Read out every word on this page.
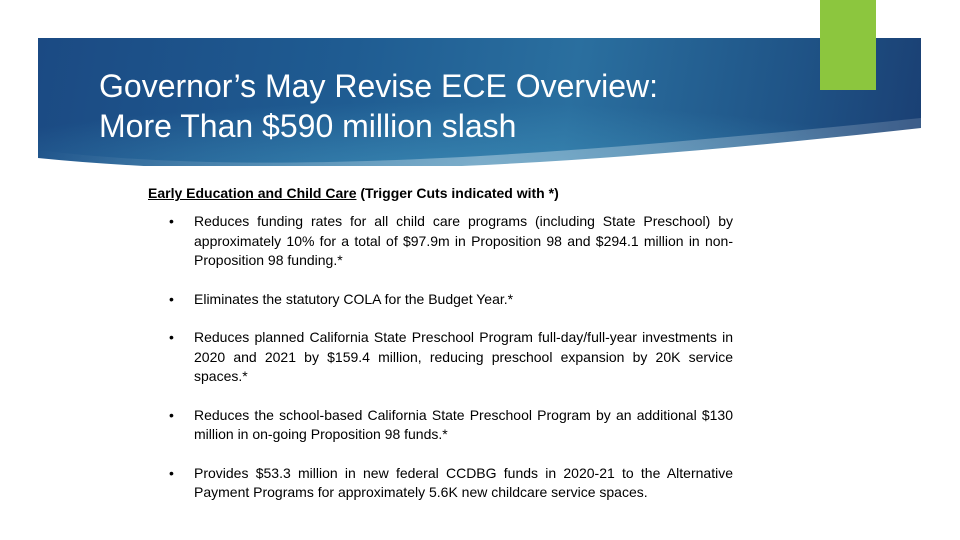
Governor’s May Revise ECE Overview:
More Than $590 million slash
Early Education and Child Care (Trigger Cuts indicated with *)
• Reduces funding rates for all child care programs (including State Preschool) by approximately 10% for a total of $97.9m in Proposition 98 and $294.1 million in non-Proposition 98 funding.*
• Eliminates the statutory COLA for the Budget Year.*
• Reduces planned California State Preschool Program full-day/full-year investments in 2020 and 2021 by $159.4 million, reducing preschool expansion by 20K service spaces.*
• Reduces the school-based California State Preschool Program by an additional $130 million in on-going Proposition 98 funds.*
• Provides $53.3 million in new federal CCDBG funds in 2020-21 to the Alternative Payment Programs for approximately 5.6K new childcare service spaces.
